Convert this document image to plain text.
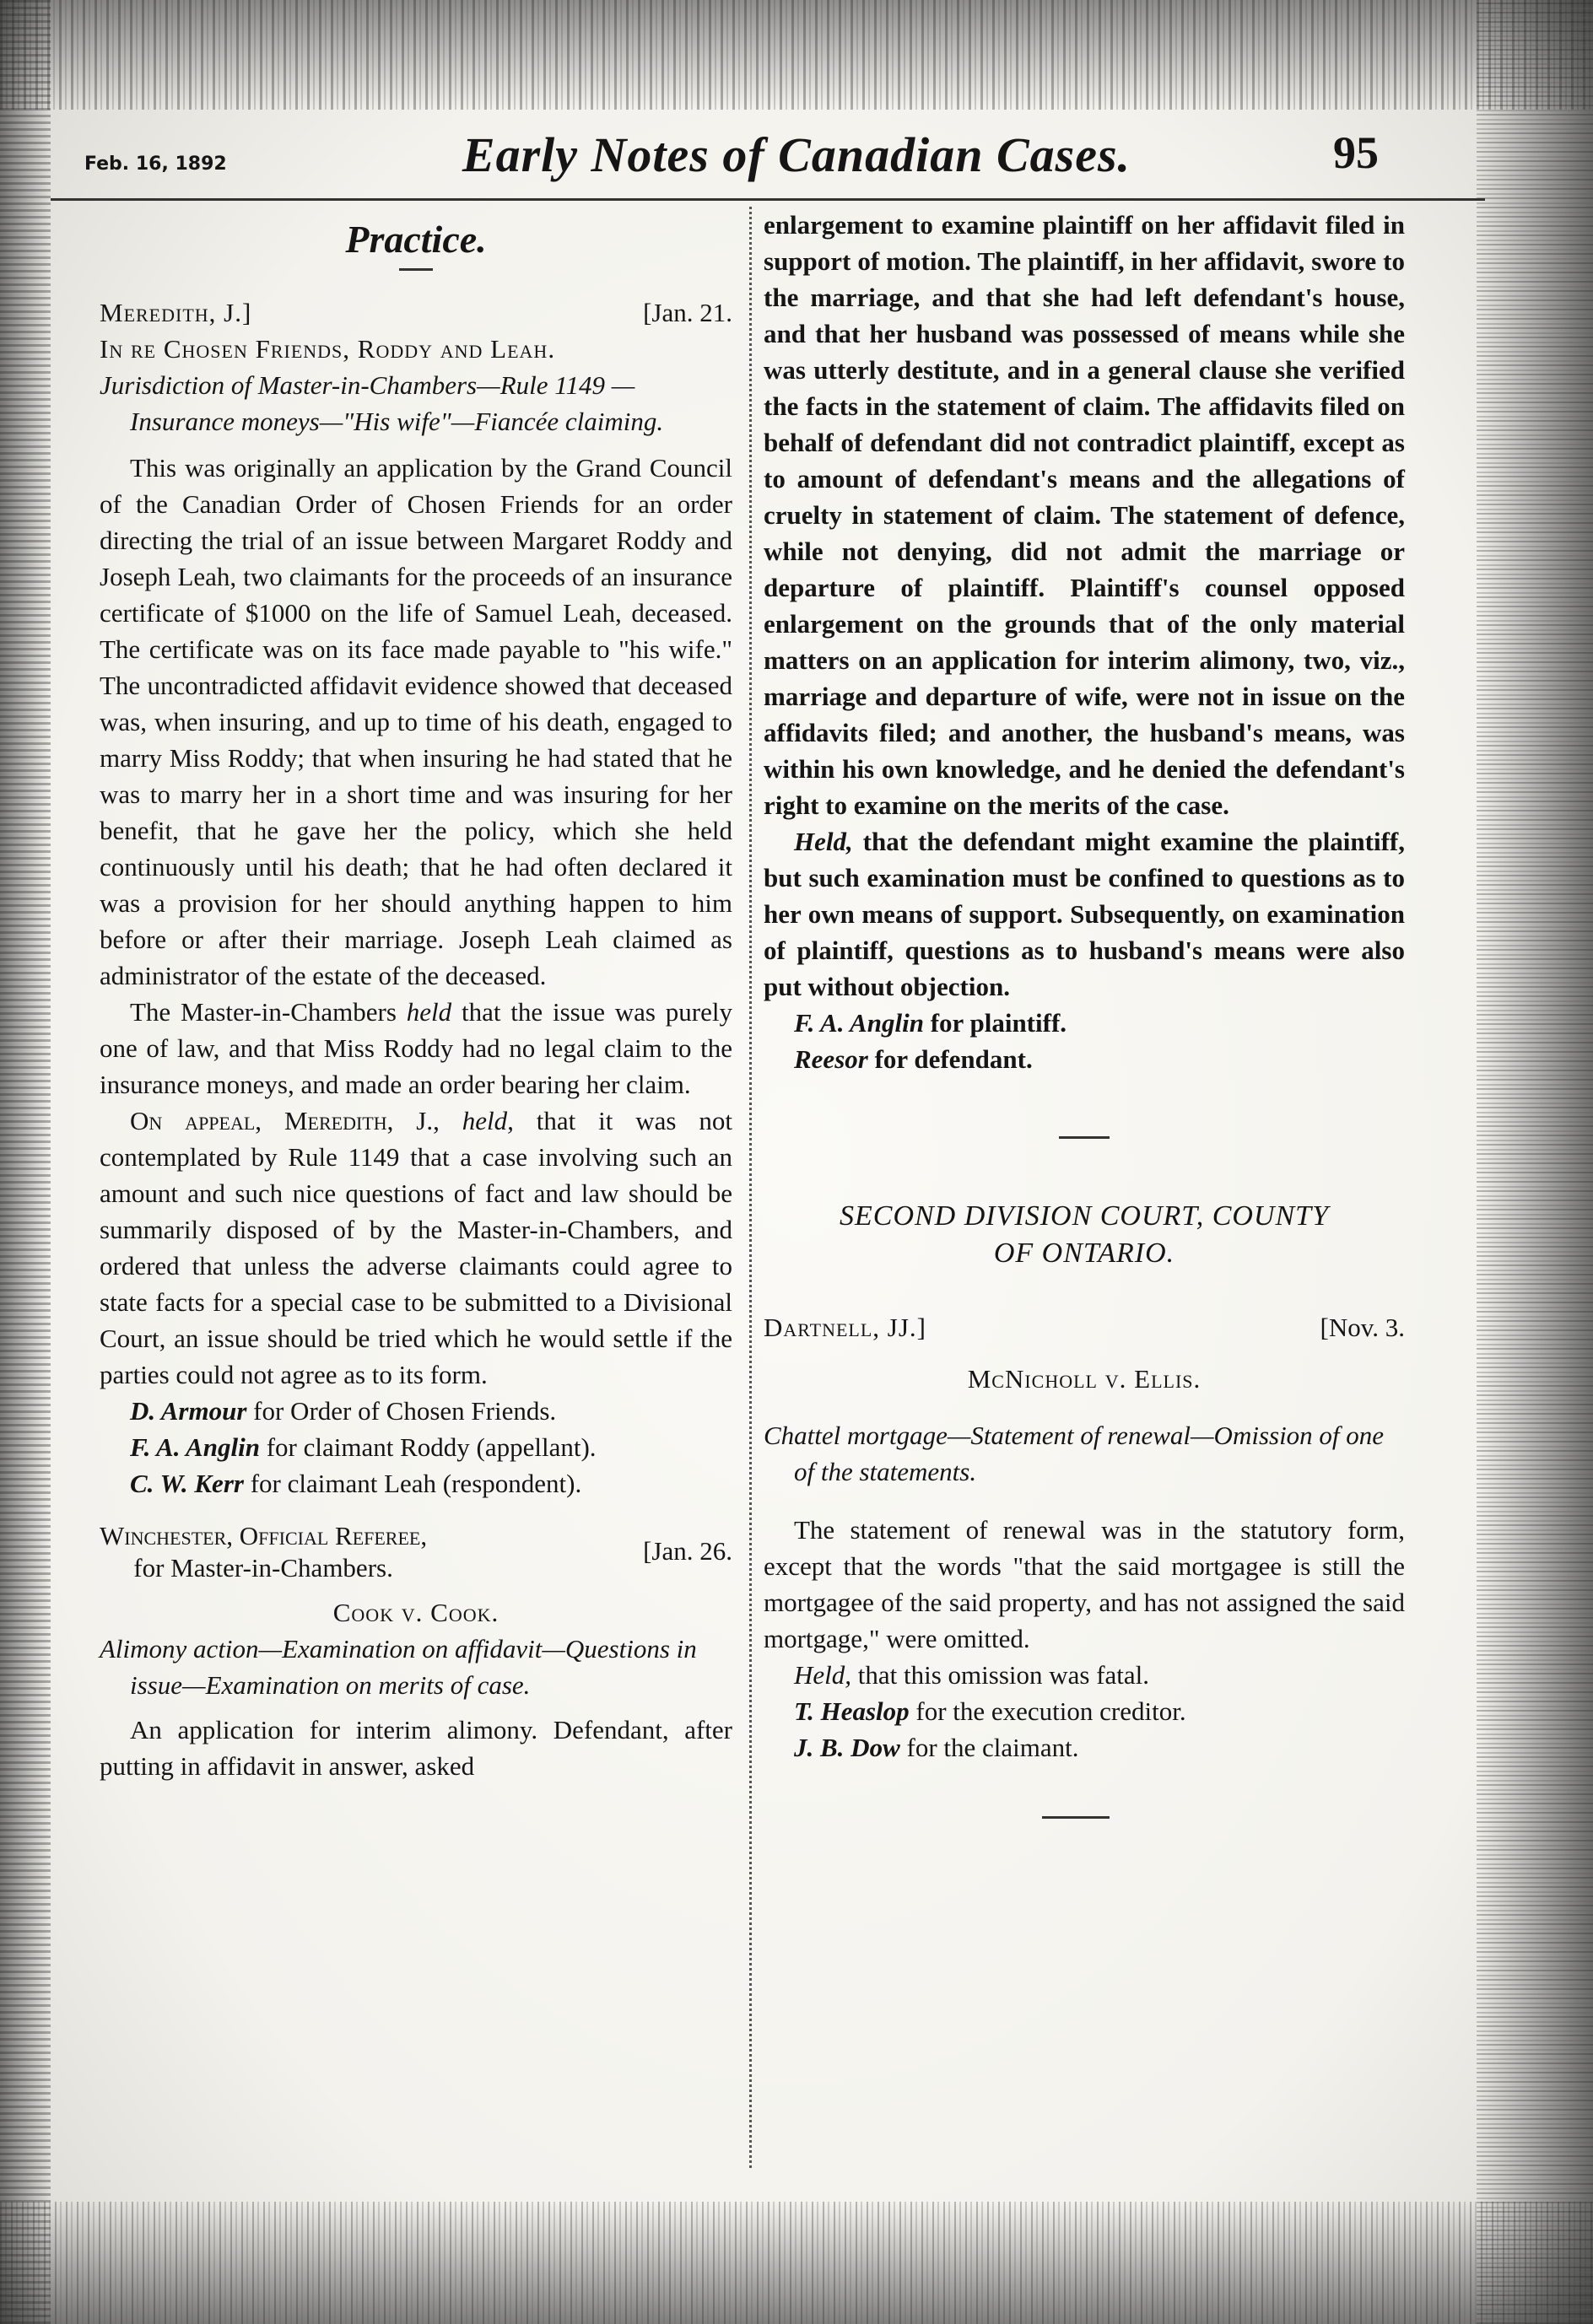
Feb. 16, 1892	Early Notes of Canadian Cases.	95

Practice.

Meredith, J.]	[Jan. 21.

In re Chosen Friends, Roddy and Leah.

Jurisdiction of Master-in-Chambers—Rule 1149 —Insurance moneys—"His wife"—Fiancée claiming.

This was originally an application by the Grand Council of the Canadian Order of Chosen Friends for an order directing the trial of an issue between Margaret Roddy and Joseph Leah, two claimants for the proceeds of an insurance certificate of $1000 on the life of Samuel Leah, deceased. The certificate was on its face made payable to "his wife." The uncontradicted affidavit evidence showed that deceased was, when insuring, and up to time of his death, engaged to marry Miss Roddy; that when insuring he had stated that he was to marry her in a short time and was insuring for her benefit, that he gave her the policy, which she held continuously until his death; that he had often declared it was a provision for her should anything happen to him before or after their marriage. Joseph Leah claimed as administrator of the estate of the deceased.

The Master-in-Chambers held that the issue was purely one of law, and that Miss Roddy had no legal claim to the insurance moneys, and made an order bearing her claim.

On appeal, Meredith, J., held, that it was not contemplated by Rule 1149 that a case involving such an amount and such nice questions of fact and law should be summarily disposed of by the Master-in-Chambers, and ordered that unless the adverse claimants could agree to state facts for a special case to be submitted to a Divisional Court, an issue should be tried which he would settle if the parties could not agree as to its form.

D. Armour for Order of Chosen Friends.

F. A. Anglin for claimant Roddy (appellant).

C. W. Kerr for claimant Leah (respondent).

Winchester, Official Referee,
for Master-in-Chambers.
[Jan. 26.

Cook v. Cook.

Alimony action—Examination on affidavit—Questions in issue—Examination on merits of case.

An application for interim alimony. Defendant, after putting in affidavit in answer, asked

enlargement to examine plaintiff on her affidavit filed in support of motion. The plaintiff, in her affidavit, swore to the marriage, and that she had left defendant's house, and that her husband was possessed of means while she was utterly destitute, and in a general clause she verified the facts in the statement of claim. The affidavits filed on behalf of defendant did not contradict plaintiff, except as to amount of defendant's means and the allegations of cruelty in statement of claim. The statement of defence, while not denying, did not admit the marriage or departure of plaintiff. Plaintiff's counsel opposed enlargement on the grounds that of the only material matters on an application for interim alimony, two, viz., marriage and departure of wife, were not in issue on the affidavits filed; and another, the husband's means, was within his own knowledge, and he denied the defendant's right to examine on the merits of the case.

Held, that the defendant might examine the plaintiff, but such examination must be confined to questions as to her own means of support. Subsequently, on examination of plaintiff, questions as to husband's means were also put without objection.

F. A. Anglin for plaintiff.

Reesor for defendant.

SECOND DIVISION COURT, COUNTY

OF ONTARIO.

Dartnell, JJ.]	[Nov. 3.

McNicholl v. Ellis.

Chattel mortgage—Statement of renewal—Omission of one of the statements.

The statement of renewal was in the statutory form, except that the words "that the said mortgagee is still the mortgagee of the said property, and has not assigned the said mortgage," were omitted.

Held, that this omission was fatal.

T. Heaslop for the execution creditor.

J. B. Dow for the claimant.
